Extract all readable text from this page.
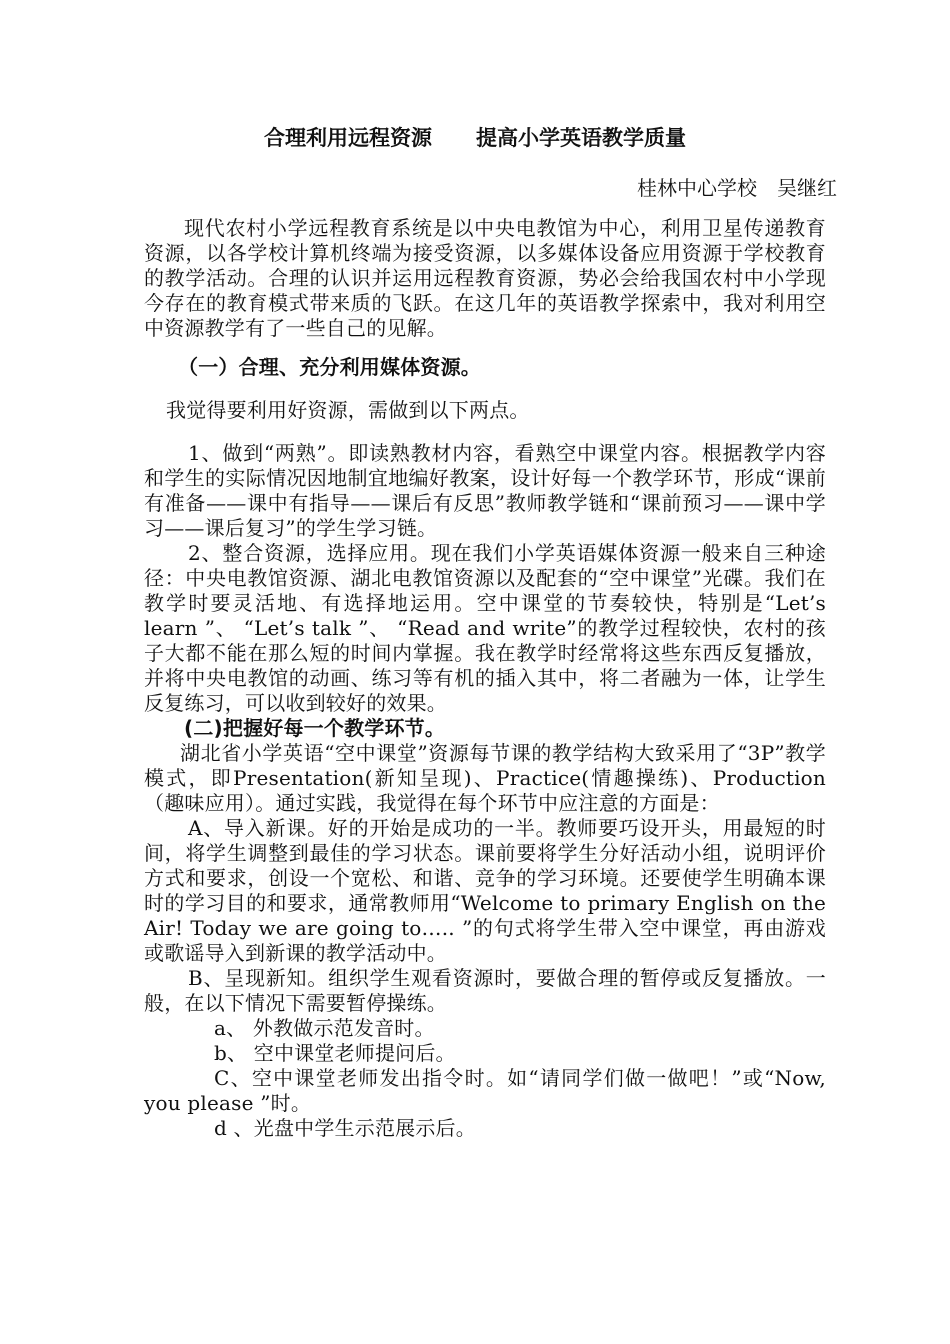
合理利用远程资源 提高小学英语教学质量
桂林中心学校 吴继红

现代农村小学远程教育系统是以中央电教馆为中心，利用卫星传递教育资源，以各学校计算机终端为接受资源，以多媒体设备应用资源于学校教育的教学活动。合理的认识并运用远程教育资源，势必会给我国农村中小学现今存在的教育模式带来质的飞跃。在这几年的英语教学探索中，我对利用空中资源教学有了一些自己的见解。

（一）合理、充分利用媒体资源。

我觉得要利用好资源，需做到以下两点。

1、做到“两熟”。即读熟教材内容，看熟空中课堂内容。根据教学内容和学生的实际情况因地制宜地编好教案，设计好每一个教学环节，形成“课前有准备——课中有指导——课后有反思”教师教学链和“课前预习——课中学习——课后复习”的学生学习链。

2、整合资源，选择应用。现在我们小学英语媒体资源一般来自三种途径：中央电教馆资源、湖北电教馆资源以及配套的“空中课堂”光碟。我们在教学时要灵活地、有选择地运用。空中课堂的节奏较快，特别是“Let’s learn ”、 “Let’s talk ”、 “Read and write”的教学过程较快，农村的孩子大都不能在那么短的时间内掌握。我在教学时经常将这些东西反复播放，并将中央电教馆的动画、练习等有机的插入其中，将二者融为一体，让学生反复练习，可以收到较好的效果。

(二)把握好每一个教学环节。

湖北省小学英语“空中课堂”资源每节课的教学结构大致采用了“3P”教学模式，即Presentation(新知呈现)、Practice(情趣操练)、Production（趣味应用）。通过实践，我觉得在每个环节中应注意的方面是：

A、导入新课。好的开始是成功的一半。教师要巧设开头，用最短的时间，将学生调整到最佳的学习状态。课前要将学生分好活动小组，说明评价方式和要求，创设一个宽松、和谐、竞争的学习环境。还要使学生明确本课时的学习目的和要求，通常教师用“Welcome to primary English on the Air! Today we are going to….. ”的句式将学生带入空中课堂，再由游戏或歌谣导入到新课的教学活动中。

B、呈现新知。组织学生观看资源时，要做合理的暂停或反复播放。一般，在以下情况下需要暂停操练。

a、 外教做示范发音时。

b、 空中课堂老师提问后。

C、空中课堂老师发出指令时。如“请同学们做一做吧！”或“Now, you please ”时。

d 、光盘中学生示范展示后。
